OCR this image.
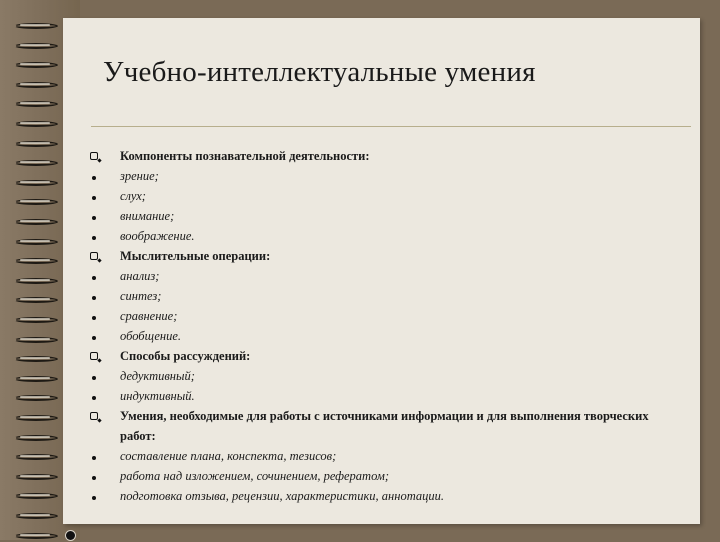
Учебно-интеллектуальные умения
Компоненты познавательной деятельности:
зрение;
слух;
внимание;
воображение.
Мыслительные операции:
анализ;
синтез;
сравнение;
обобщение.
Способы рассуждений:
дедуктивный;
индуктивный.
Умения, необходимые для работы с источниками информации и для выполнения творческих работ:
составление плана, конспекта, тезисов;
работа над изложением, сочинением, рефератом;
подготовка отзыва, рецензии, характеристики, аннотации.
